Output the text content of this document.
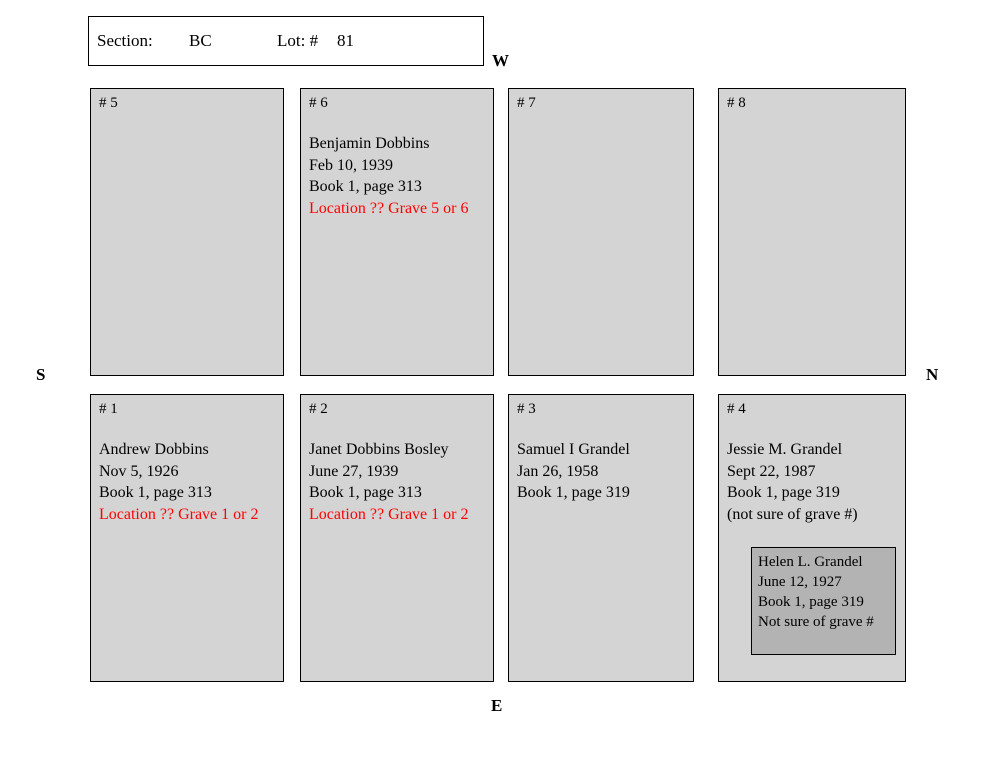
Section: BC	Lot: # 81
W
N
S
E
# 5	# 6
Benjamin Dobbins
Feb 10, 1939
Book 1, page 313
Location ?? Grave 5 or 6
# 7	# 8
# 1
Andrew Dobbins
Nov 5, 1926
Book 1, page 313
Location ?? Grave 1 or 2
# 2
Janet Dobbins Bosley
June 27, 1939
Book 1, page 313
Location ?? Grave 1 or 2
# 3
Samuel I Grandel
Jan 26, 1958
Book 1, page 319
# 4
Jessie M. Grandel
Sept 22, 1987
Book 1, page 319
(not sure of grave #)
Helen L. Grandel
June 12, 1927
Book 1, page 319
Not sure of grave #
